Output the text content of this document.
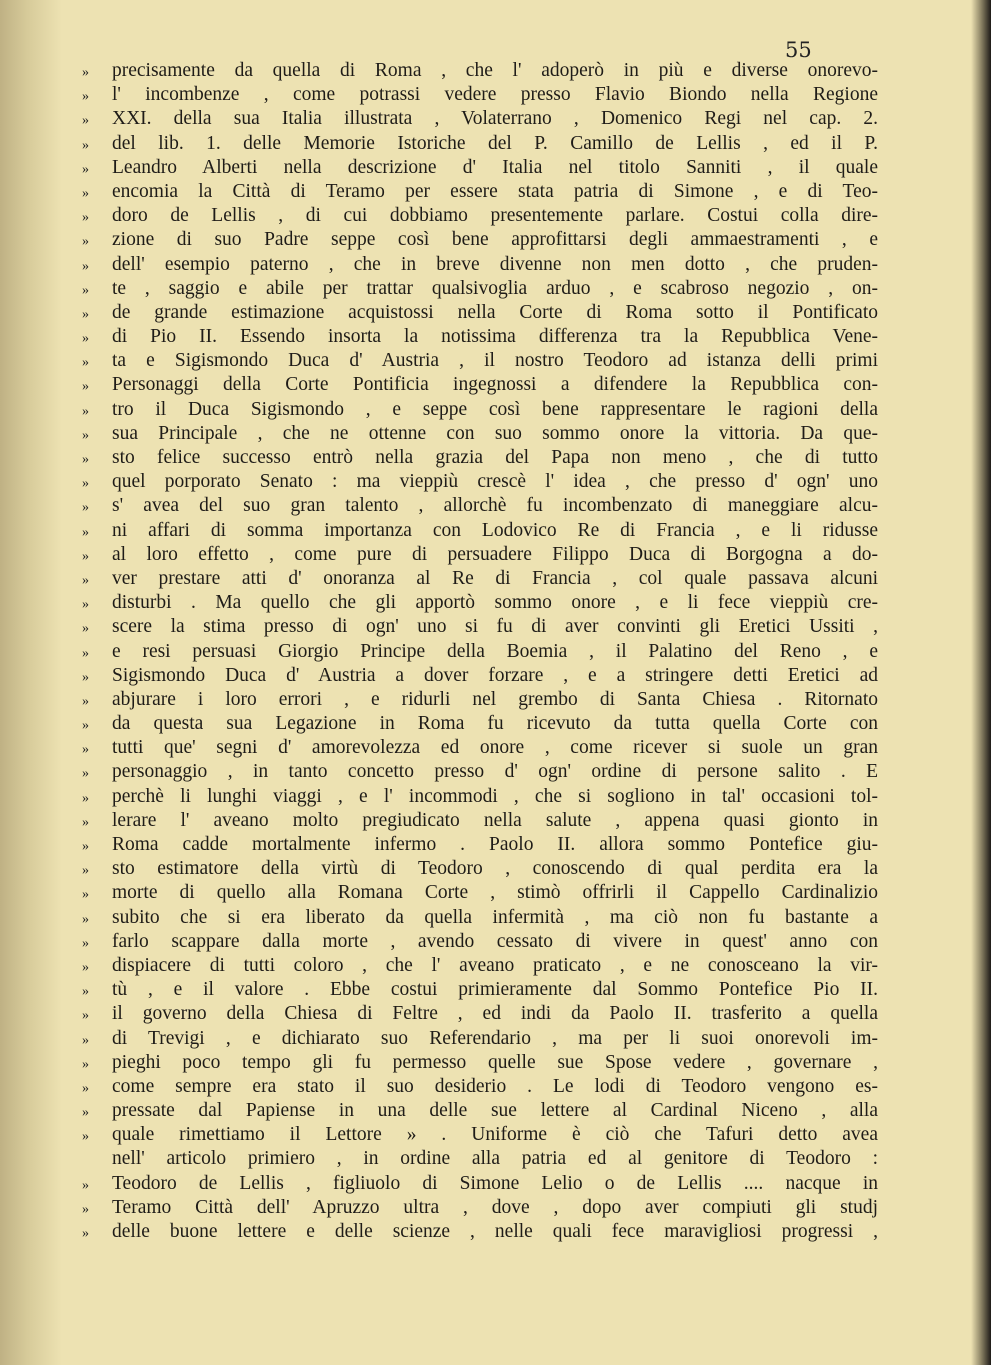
55
»	precisamente da quella di Roma , che l' adoperò in più e diverse onorevo-
»	l' incombenze , come potrassi vedere presso Flavio Biondo nella Regione
»	XXI. della sua Italia illustrata , Volaterrano , Domenico Regi nel cap. 2.
»	del lib. 1. delle Memorie Istoriche del P. Camillo de Lellis , ed il P.
»	Leandro Alberti nella descrizione d' Italia nel titolo Sanniti , il quale
»	encomia la Città di Teramo per essere stata patria di Simone , e di Teo-
»	doro de Lellis , di cui dobbiamo presentemente parlare. Costui colla dire-
»	zione di suo Padre seppe così bene approfittarsi degli ammaestramenti , e
»	dell' esempio paterno , che in breve divenne non men dotto , che pruden-
»	te , saggio e abile per trattar qualsivoglia arduo , e scabroso negozio , on-
»	de grande estimazione acquistossi nella Corte di Roma sotto il Pontificato
»	di Pio II. Essendo insorta la notissima differenza tra la Repubblica Vene-
»	ta e Sigismondo Duca d' Austria , il nostro Teodoro ad istanza delli primi
»	Personaggi della Corte Pontificia ingegnossi a difendere la Repubblica con-
»	tro il Duca Sigismondo , e seppe così bene rappresentare le ragioni della
»	sua Principale , che ne ottenne con suo sommo onore la vittoria. Da que-
»	sto felice successo entrò nella grazia del Papa non meno , che di tutto
»	quel porporato Senato : ma vieppiù crescè l' idea , che presso d' ogn' uno
»	s' avea del suo gran talento , allorchè fu incombenzato di maneggiare alcu-
»	ni affari di somma importanza con Lodovico Re di Francia , e li ridusse
»	al loro effetto , come pure di persuadere Filippo Duca di Borgogna a do-
»	ver prestare atti d' onoranza al Re di Francia , col quale passava alcuni
»	disturbi . Ma quello che gli apportò sommo onore , e li fece vieppiù cre-
»	scere la stima presso di ogn' uno si fu di aver convinti gli Eretici Ussiti ,
»	e resi persuasi Giorgio Principe della Boemia , il Palatino del Reno , e
»	Sigismondo Duca d' Austria a dover forzare , e a stringere detti Eretici ad
»	abjurare i loro errori , e ridurli nel grembo di Santa Chiesa . Ritornato
»	da questa sua Legazione in Roma fu ricevuto da tutta quella Corte con
»	tutti que' segni d' amorevolezza ed onore , come ricever si suole un gran
»	personaggio , in tanto concetto presso d' ogn' ordine di persone salito . E
»	perchè li lunghi viaggi , e l' incommodi , che si sogliono in tal' occasioni tol-
»	lerare l' aveano molto pregiudicato nella salute , appena quasi gionto in
»	Roma cadde mortalmente infermo . Paolo II. allora sommo Pontefice giu-
»	sto estimatore della virtù di Teodoro , conoscendo di qual perdita era la
»	morte di quello alla Romana Corte , stimò offrirli il Cappello Cardinalizio
»	subito che si era liberato da quella infermità , ma ciò non fu bastante a
»	farlo scappare dalla morte , avendo cessato di vivere in quest' anno con
»	dispiacere di tutti coloro , che l' aveano praticato , e ne conosceano la vir-
»	tù , e il valore . Ebbe costui primieramente dal Sommo Pontefice Pio II.
»	il governo della Chiesa di Feltre , ed indi da Paolo II. trasferito a quella
»	di Trevigi , e dichiarato suo Referendario , ma per li suoi onorevoli im-
»	pieghi poco tempo gli fu permesso quelle sue Spose vedere , governare ,
»	come sempre era stato il suo desiderio . Le lodi di Teodoro vengono es-
»	pressate dal Papiense in una delle sue lettere al Cardinal Niceno , alla
»	quale rimettiamo il Lettore » . Uniforme è ciò che Tafuri detto avea
nell' articolo primiero , in ordine alla patria ed al genitore di Teodoro :
»	Teodoro de Lellis , figliuolo di Simone Lelio o de Lellis .... nacque in
»	Teramo Città dell' Apruzzo ultra , dove , dopo aver compiuti gli studj
»	delle buone lettere e delle scienze , nelle quali fece maravigliosi progressi ,
